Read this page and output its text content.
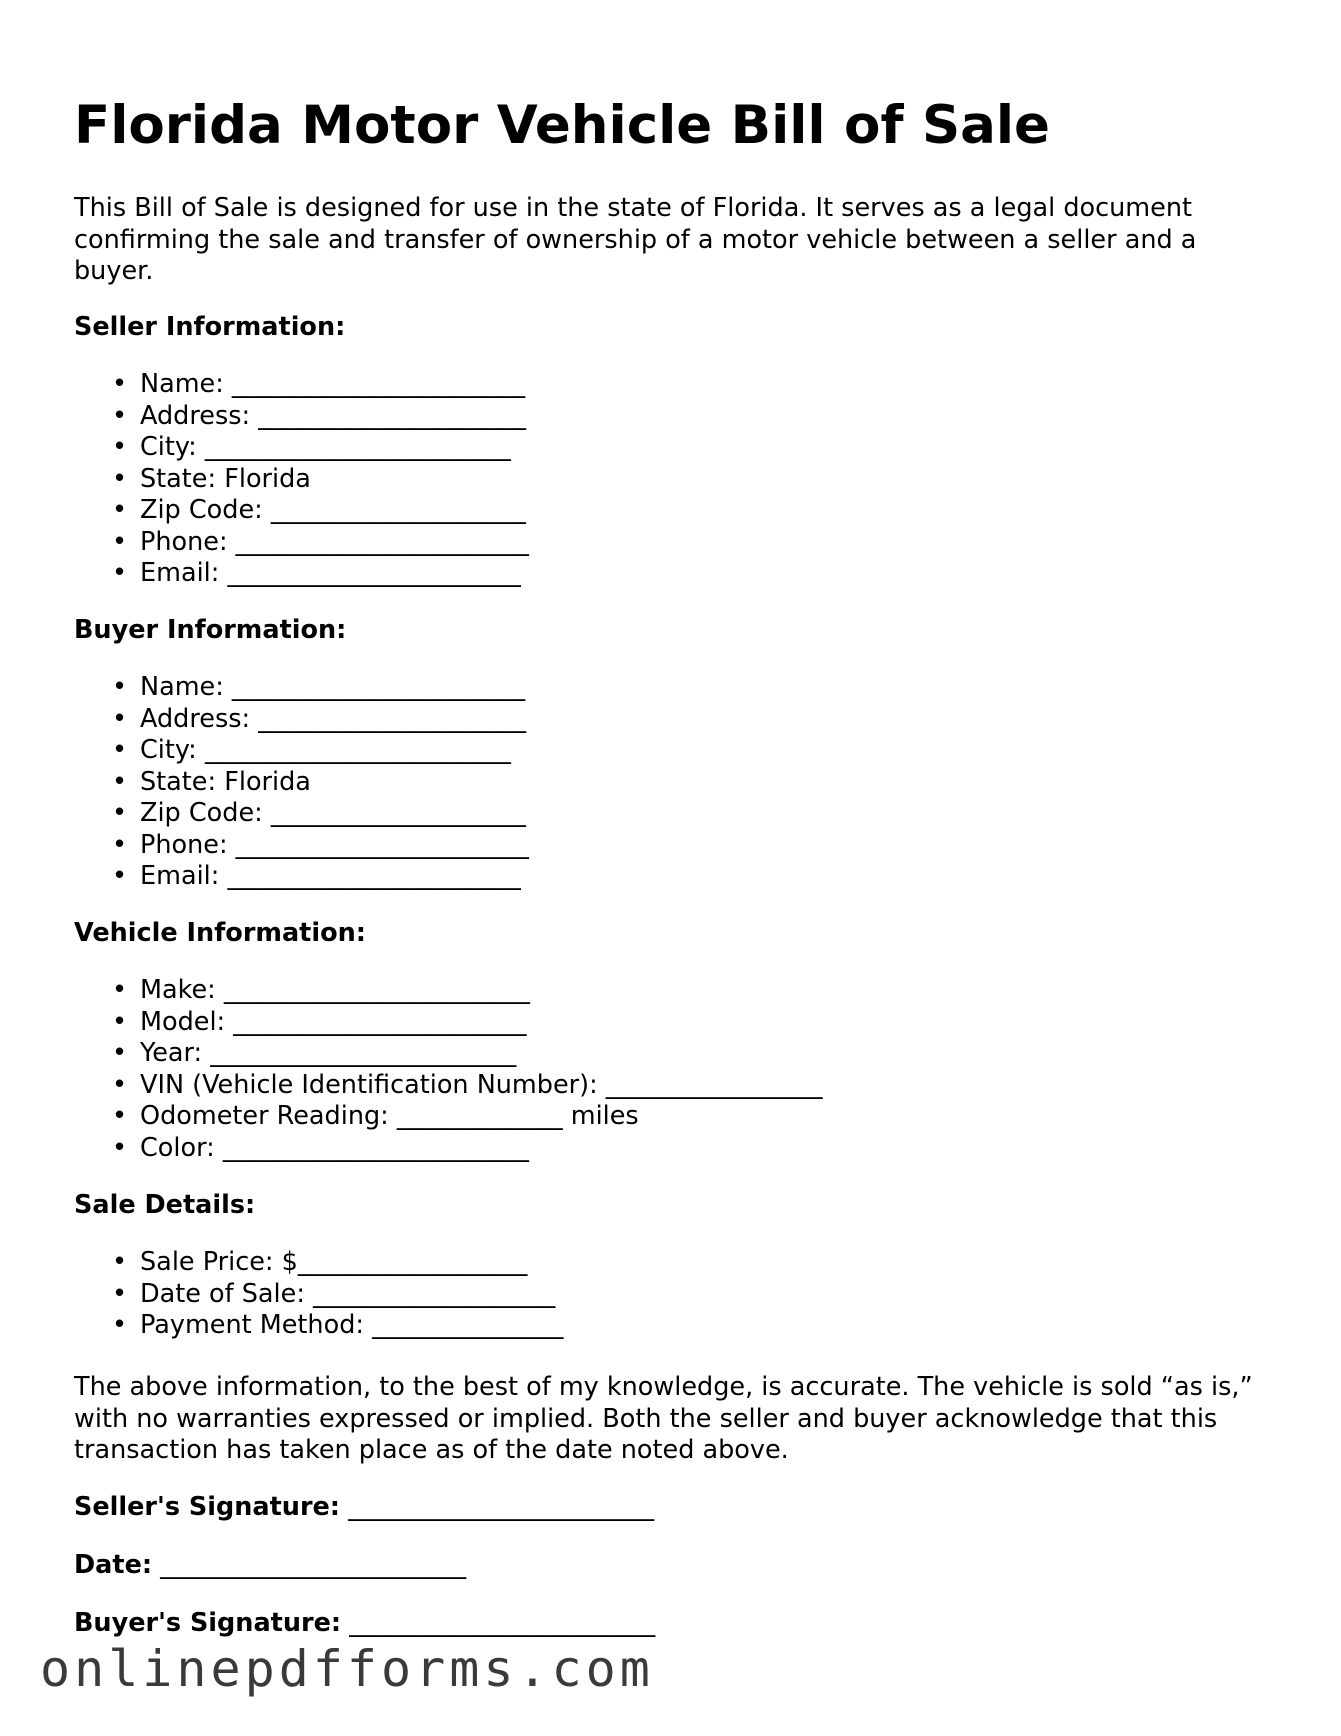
Florida Motor Vehicle Bill of Sale

This Bill of Sale is designed for use in the state of Florida. It serves as a legal document confirming the sale and transfer of ownership of a motor vehicle between a seller and a buyer.

Seller Information:

• Name: _______________________
• Address: _____________________
• City: ________________________
• State: Florida
• Zip Code: ____________________
• Phone: _______________________
• Email: _______________________

Buyer Information:

• Name: _______________________
• Address: _____________________
• City: ________________________
• State: Florida
• Zip Code: ____________________
• Phone: _______________________
• Email: _______________________

Vehicle Information:

• Make: ________________________
• Model: _______________________
• Year: ________________________
• VIN (Vehicle Identification Number): _________________
• Odometer Reading: _____________ miles
• Color: ________________________

Sale Details:

• Sale Price: $__________________
• Date of Sale: ___________________
• Payment Method: _______________

The above information, to the best of my knowledge, is accurate. The vehicle is sold “as is,” with no warranties expressed or implied. Both the seller and buyer acknowledge that this transaction has taken place as of the date noted above.

Seller's Signature: ________________________

Date: ________________________

Buyer's Signature: ________________________

onlinepdfforms.com
